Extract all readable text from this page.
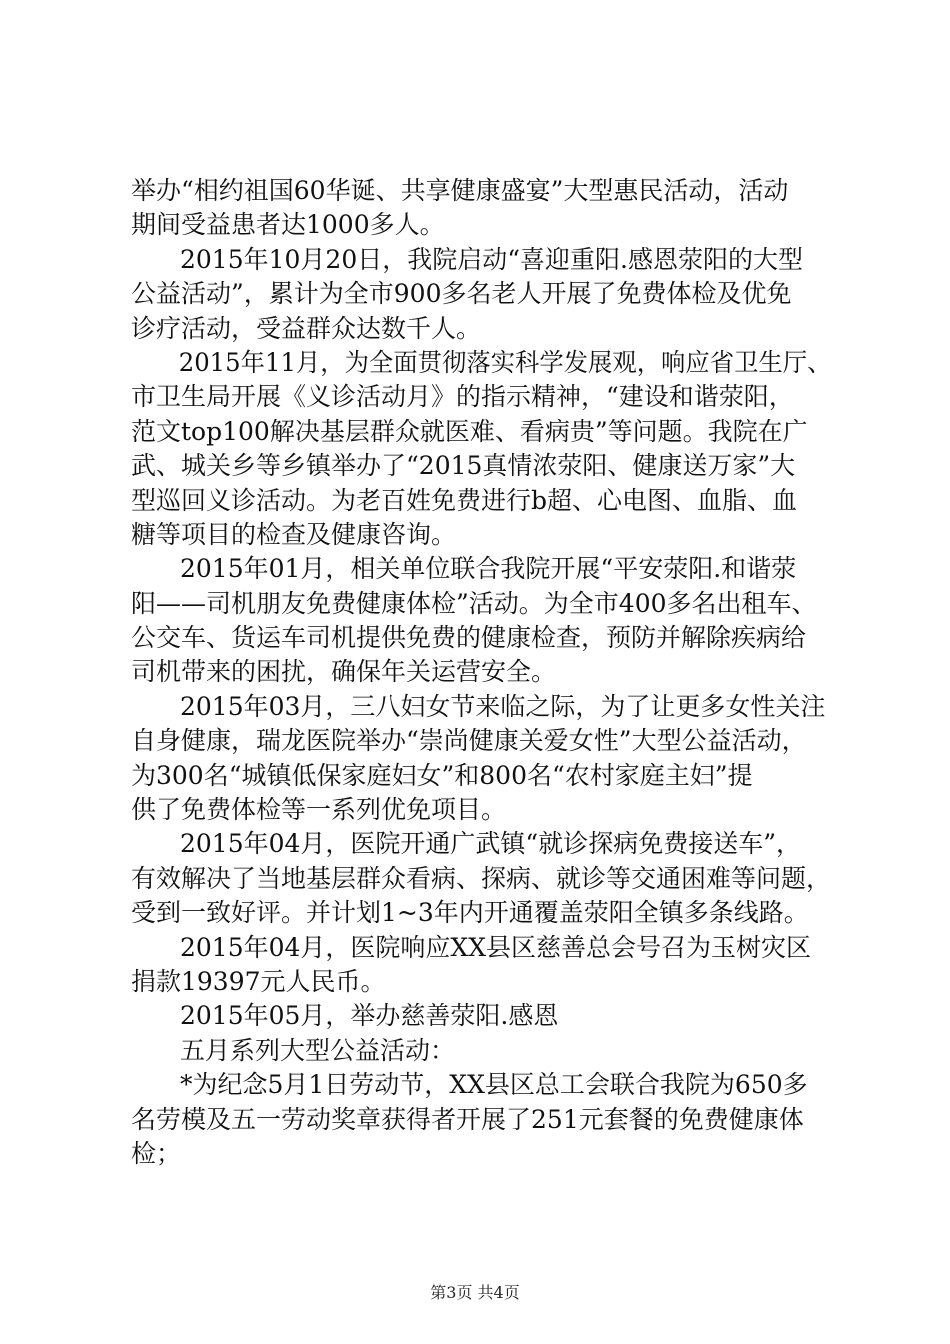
举办“相约祖国60华诞、共享健康盛宴”大型惠民活动，活动
期间受益患者达1000多人。
2015年10月20日，我院启动“喜迎重阳.感恩荥阳的大型
公益活动”，累计为全市900多名老人开展了免费体检及优免
诊疗活动，受益群众达数千人。
2015年11月，为全面贯彻落实科学发展观，响应省卫生厅、
市卫生局开展《义诊活动月》的指示精神，“建设和谐荥阳，
范文top100解决基层群众就医难、看病贵”等问题。我院在广
武、城关乡等乡镇举办了“2015真情浓荥阳、健康送万家”大
型巡回义诊活动。为老百姓免费进行b超、心电图、血脂、血
糖等项目的检查及健康咨询。
2015年01月，相关单位联合我院开展“平安荥阳.和谐荥
阳——司机朋友免费健康体检”活动。为全市400多名出租车、
公交车、货运车司机提供免费的健康检查，预防并解除疾病给
司机带来的困扰，确保年关运营安全。
2015年03月，三八妇女节来临之际，为了让更多女性关注
自身健康，瑞龙医院举办“崇尚健康关爱女性”大型公益活动，
为300名“城镇低保家庭妇女”和800名“农村家庭主妇”提
供了免费体检等一系列优免项目。
2015年04月，医院开通广武镇“就诊探病免费接送车”，
有效解决了当地基层群众看病、探病、就诊等交通困难等问题，
受到一致好评。并计划1~3年内开通覆盖荥阳全镇多条线路。
2015年04月，医院响应XX县区慈善总会号召为玉树灾区
捐款19397元人民币。
2015年05月，举办慈善荥阳.感恩
五月系列大型公益活动：
*为纪念5月1日劳动节，XX县区总工会联合我院为650多
名劳模及五一劳动奖章获得者开展了251元套餐的免费健康体
检；
第3页 共4页
